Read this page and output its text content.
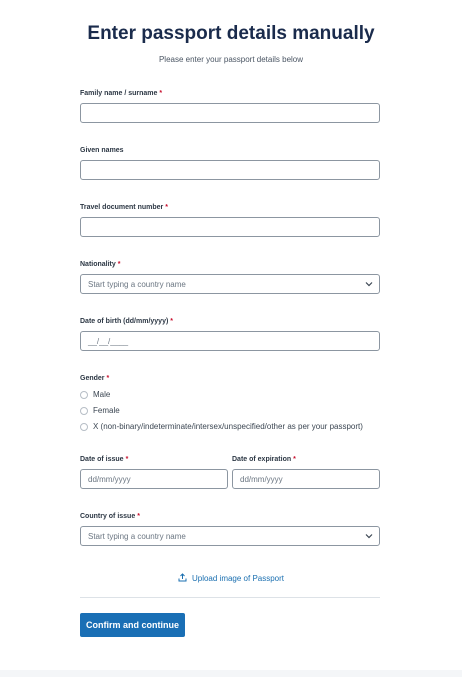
Enter passport details manually
Please enter your passport details below
Family name / surname *
Given names
Travel document number *
Nationality *
Start typing a country name
Date of birth (dd/mm/yyyy) *
__/__/____
Gender *
Male
Female
X (non-binary/indeterminate/intersex/unspecified/other as per your passport)
Date of issue *
dd/mm/yyyy
Date of expiration *
dd/mm/yyyy
Country of issue *
Start typing a country name
Upload image of Passport
Confirm and continue
